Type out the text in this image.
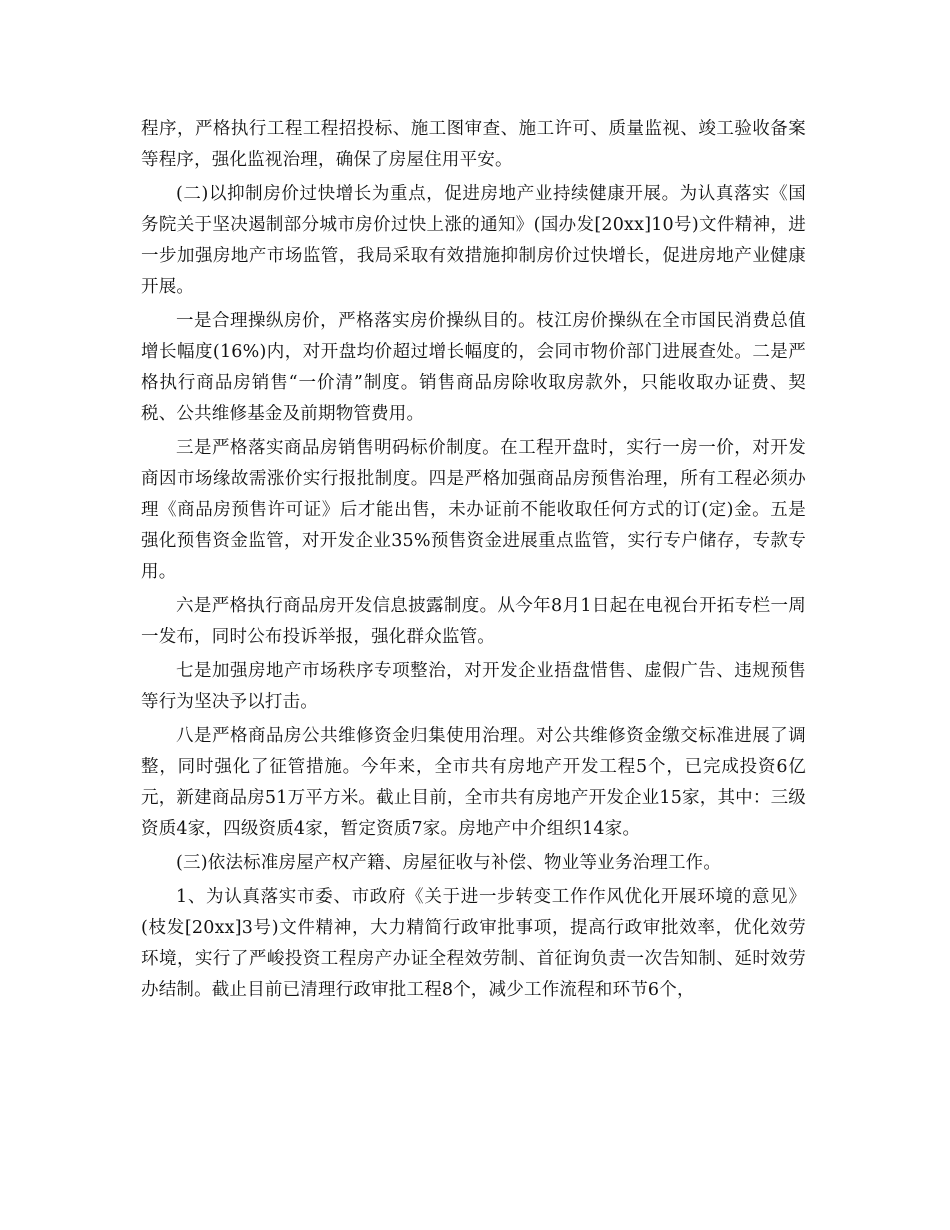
程序，严格执行工程工程招投标、施工图审查、施工许可、质量监视、竣工验收备案等程序，强化监视治理，确保了房屋住用平安。

(二)以抑制房价过快增长为重点，促进房地产业持续健康开展。为认真落实《国务院关于坚决遏制部分城市房价过快上涨的通知》(国办发[20xx]10号)文件精神，进一步加强房地产市场监管，我局采取有效措施抑制房价过快增长，促进房地产业健康开展。

一是合理操纵房价，严格落实房价操纵目的。枝江房价操纵在全市国民消费总值增长幅度(16%)内，对开盘均价超过增长幅度的，会同市物价部门进展查处。二是严格执行商品房销售“一价清”制度。销售商品房除收取房款外，只能收取办证费、契税、公共维修基金及前期物管费用。

三是严格落实商品房销售明码标价制度。在工程开盘时，实行一房一价，对开发商因市场缘故需涨价实行报批制度。四是严格加强商品房预售治理，所有工程必须办理《商品房预售许可证》后才能出售，未办证前不能收取任何方式的订(定)金。五是强化预售资金监管，对开发企业35%预售资金进展重点监管，实行专户储存，专款专用。

六是严格执行商品房开发信息披露制度。从今年8月1日起在电视台开拓专栏一周一发布，同时公布投诉举报，强化群众监管。

七是加强房地产市场秩序专项整治，对开发企业捂盘惜售、虚假广告、违规预售等行为坚决予以打击。

八是严格商品房公共维修资金归集使用治理。对公共维修资金缴交标准进展了调整，同时强化了征管措施。今年来，全市共有房地产开发工程5个，已完成投资6亿元，新建商品房51万平方米。截止目前，全市共有房地产开发企业15家，其中：三级资质4家，四级资质4家，暂定资质7家。房地产中介组织14家。

(三)依法标准房屋产权产籍、房屋征收与补偿、物业等业务治理工作。

1、为认真落实市委、市政府《关于进一步转变工作作风优化开展环境的意见》(枝发[20xx]3号)文件精神，大力精简行政审批事项，提高行政审批效率，优化效劳环境，实行了严峻投资工程房产办证全程效劳制、首征询负责一次告知制、延时效劳办结制。截止目前已清理行政审批工程8个，减少工作流程和环节6个，
